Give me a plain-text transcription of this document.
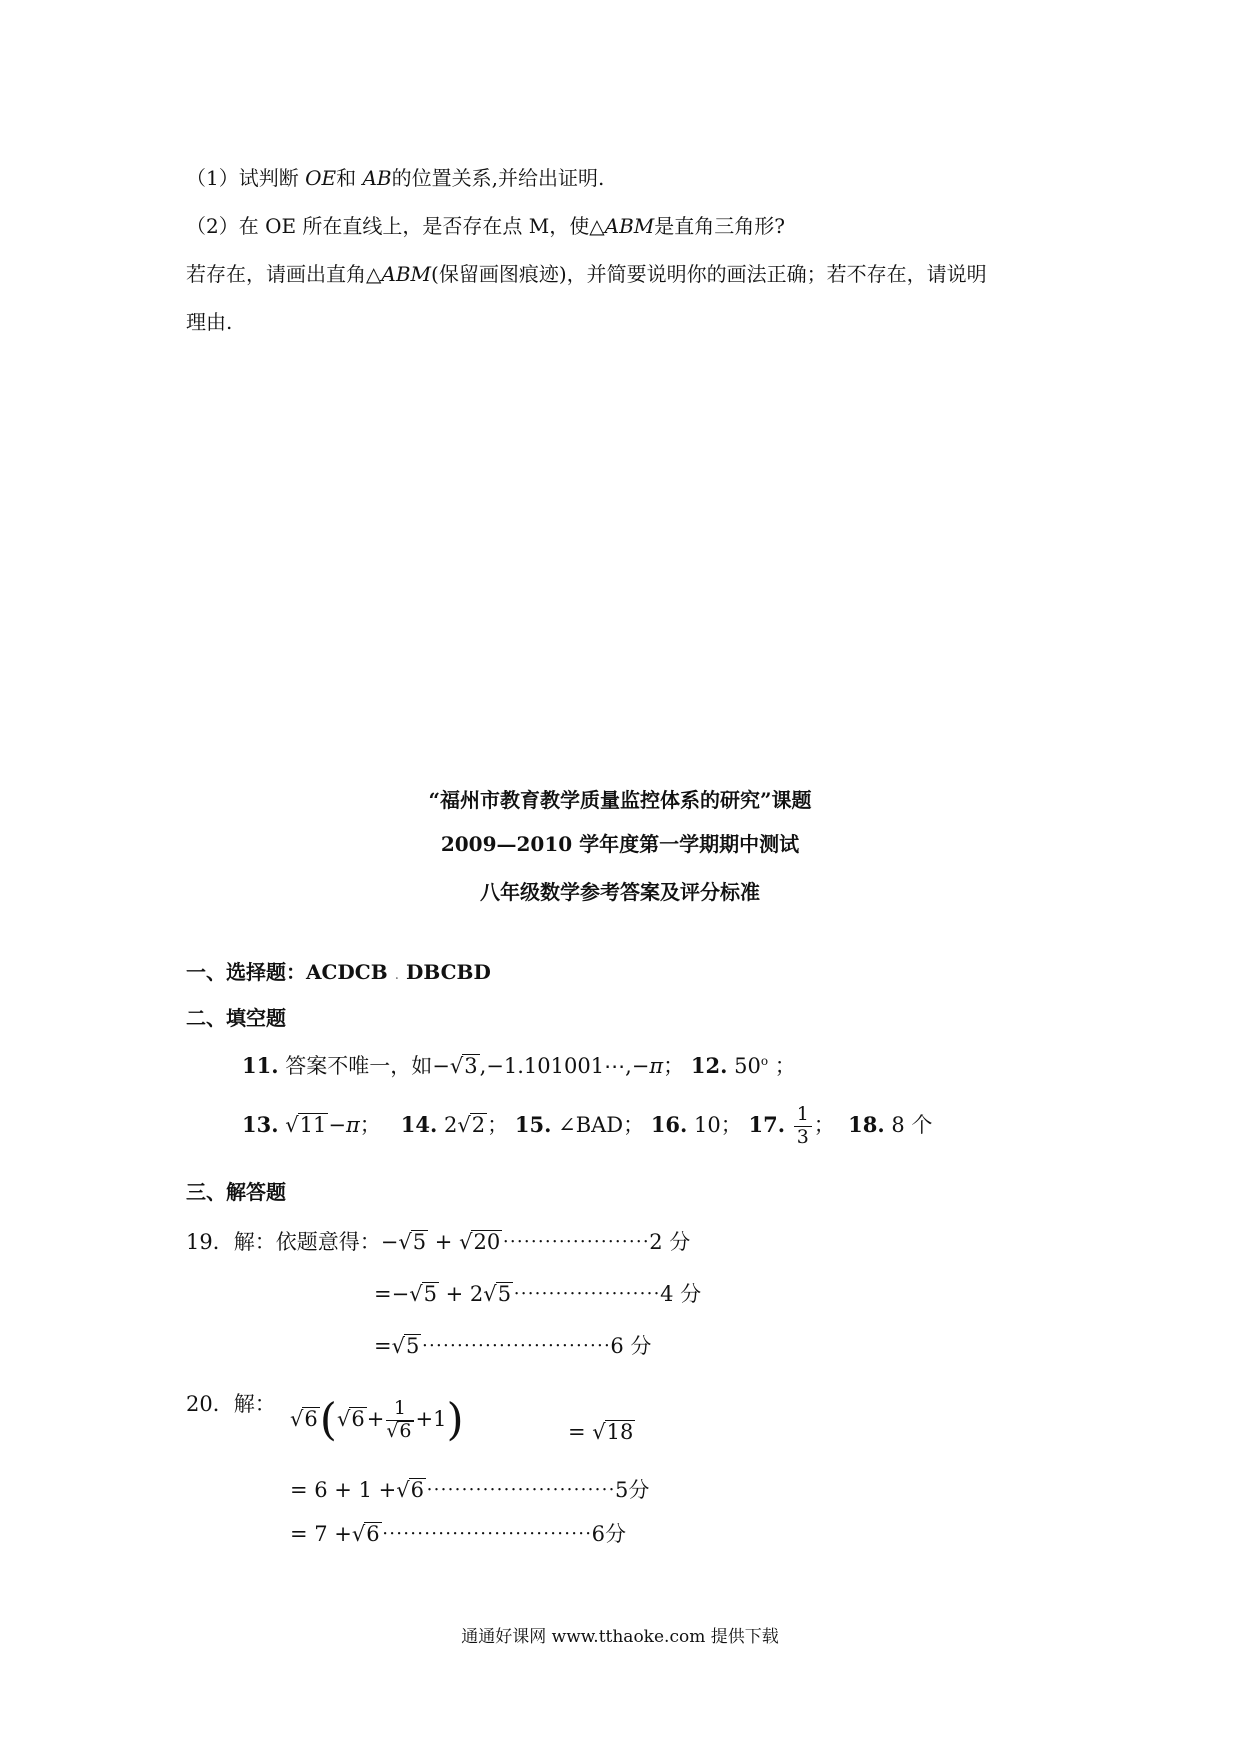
（1）试判断 OE和 AB的位置关系,并给出证明.
（2）在 OE 所在直线上，是否存在点 M，使△ABM是直角三角形?
若存在，请画出直角△ABM(保留画图痕迹)，并简要说明你的画法正确；若不存在，请说明
理由.
“福州市教育教学质量监控体系的研究”课题
2009—2010 学年度第一学期期中测试
八年级数学参考答案及评分标准
一、选择题：ACDCB . DBCBD
二、填空题
11. 答案不唯一，如−√3,−1.101001⋯,−π； 12. 50$^o$ ；
13. √11−π； 14. 2√2； 15. ∠BAD； 16. 10； 17. $\frac{1}{3}$ ； 18. 8 个
三、解答题
19．解：依题意得：−√5 + √20⋯⋯⋯⋯⋯⋯⋯2 分
=−√5 + 2√5⋯⋯⋯⋯⋯⋯⋯4 分
=√5⋯⋯⋯⋯⋯⋯⋯⋯⋯6 分
20．解：
$√6(√6+ \frac{1}{√6} +1)$	= √18
= 6 + 1 +√6⋯⋯⋯⋯⋯⋯⋯⋯⋯5分
= 7 +√6⋯⋯⋯⋯⋯⋯⋯⋯⋯⋯6分
通通好课网 www.tthaoke.com 提供下载
